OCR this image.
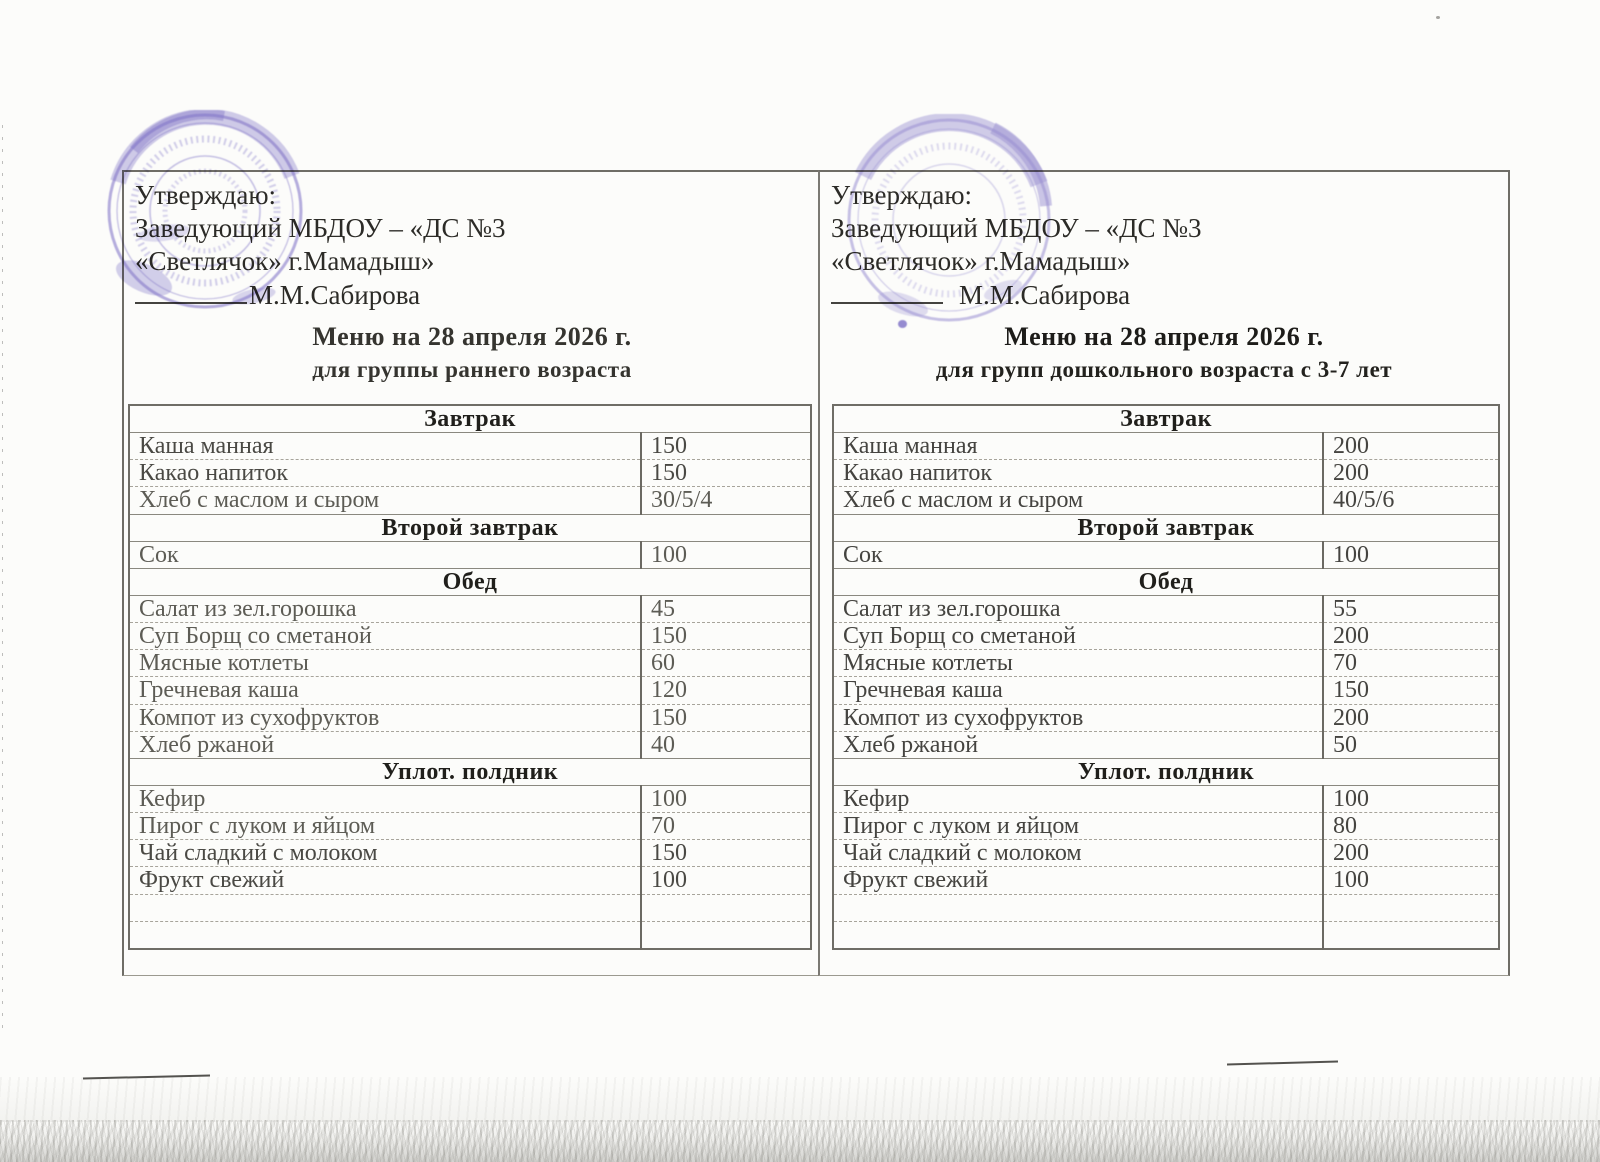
Утверждаю:
Заведующий МБДОУ – «ДС №3
«Светлячок» г.Мамадыш»
М.М.Сабирова
Меню на 28 апреля 2026 г.
для группы раннего возраста
Завтрак	
Каша манная	150
Какао напиток	150
Хлеб с маслом и сыром	30/5/4
Второй завтрак	
Сок	100
Обед	
Салат из зел.горошка	45
Суп Борщ со сметаной	150
Мясные котлеты	60
Гречневая каша	120
Компот из сухофруктов	150
Хлеб ржаной	40
Уплот. полдник	
Кефир	100
Пирог с луком и яйцом	70
Чай сладкий с молоком	150
Фрукт свежий	100

Утверждаю:
Заведующий МБДОУ – «ДС №3
«Светлячок» г.Мамадыш»
М.М.Сабирова
Меню на 28 апреля 2026 г.
для групп дошкольного возраста с 3-7 лет
Завтрак	
Каша манная	200
Какао напиток	200
Хлеб с маслом и сыром	40/5/6
Второй завтрак	
Сок	100
Обед	
Салат из зел.горошка	55
Суп Борщ со сметаной	200
Мясные котлеты	70
Гречневая каша	150
Компот из сухофруктов	200
Хлеб ржаной	50
Уплот. полдник	
Кефир	100
Пирог с луком и яйцом	80
Чай сладкий с молоком	200
Фрукт свежий	100
